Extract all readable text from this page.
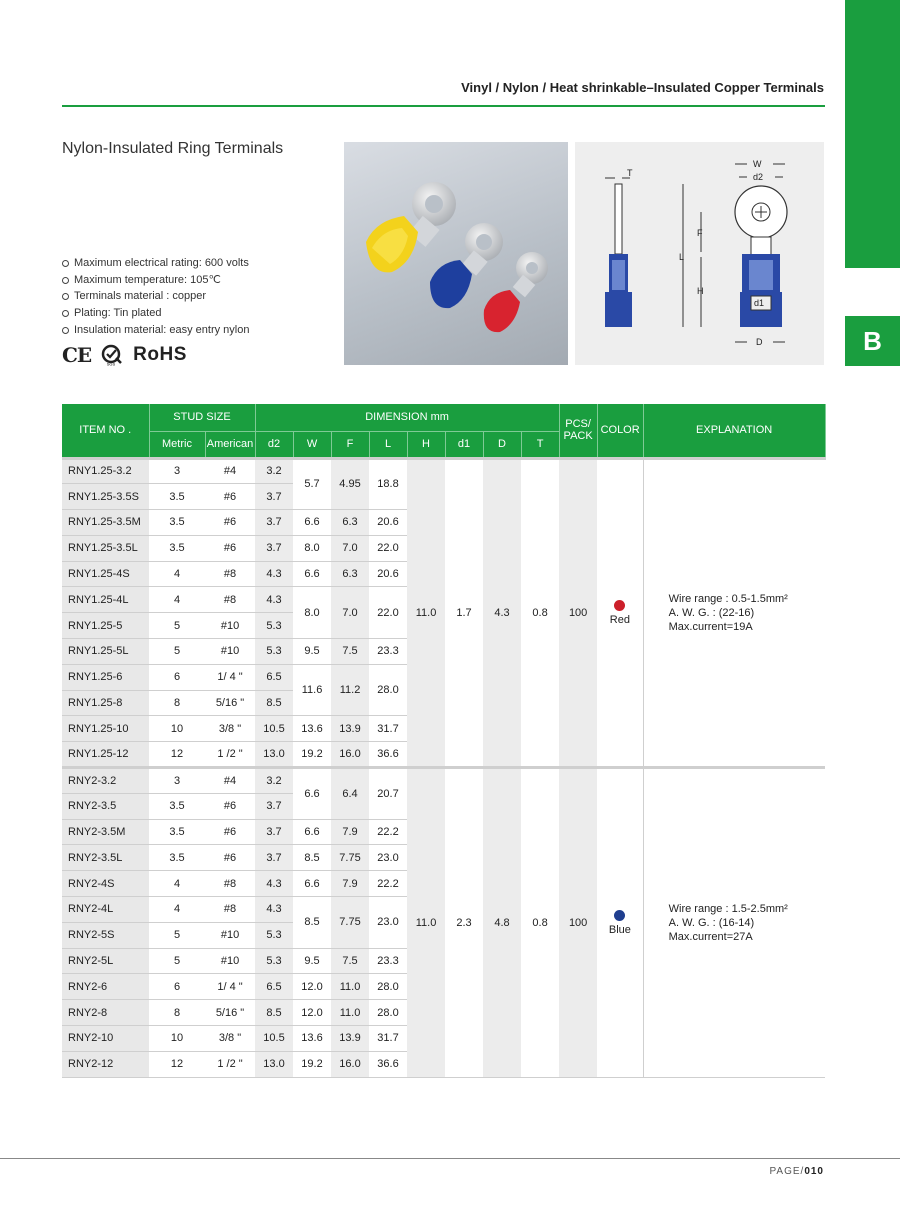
B
Vinyl / Nylon / Heat shrinkable–Insulated Copper Terminals
Nylon-Insulated Ring Terminals
Maximum electrical rating: 600 volts
Maximum temperature: 105℃
Terminals material : copper
Plating: Tin plated
Insulation material: easy entry nylon
CE	SGS RoHS
T
d1
W
d2
L
F
H
D
ITEM NO .	STUD SIZE		DIMENSION mm								PCS/
PACK	COLOR	EXPLANATION
	Metric	American	d2	W	F	L	H	d1	D	T			
RNY1.25-3.2	3	#4	3.2	5.7	4.95	18.8	11.0	1.7	4.3	0.8	100	Red	Wire range : 0.5-1.5mm²
A. W. G. : (22-16)
Max.current=19A

RNY1.25-3.5S	3.5	#6	3.7										
RNY1.25-3.5M	3.5	#6	3.7	6.6	6.3	20.6							
RNY1.25-3.5L	3.5	#6	3.7	8.0	7.0	22.0							
RNY1.25-4S	4	#8	4.3	6.6	6.3	20.6							
RNY1.25-4L	4	#8	4.3	8.0	7.0	22.0							
RNY1.25-5	5	#10	5.3										
RNY1.25-5L	5	#10	5.3	9.5	7.5	23.3							
RNY1.25-6	6	1/ 4 "	6.5	11.6	11.2	28.0							
RNY1.25-8	8	5/16 "	8.5										
RNY1.25-10	10	3/8 "	10.5	13.6	13.9	31.7							
RNY1.25-12	12	1 /2 "	13.0	19.2	16.0	36.6							
RNY2-3.2	3	#4	3.2	6.6	6.4	20.7	11.0	2.3	4.8	0.8	100	Blue	Wire range : 1.5-2.5mm²
A. W. G. : (16-14)
Max.current=27A

RNY2-3.5	3.5	#6	3.7										
RNY2-3.5M	3.5	#6	3.7	6.6	7.9	22.2							
RNY2-3.5L	3.5	#6	3.7	8.5	7.75	23.0							
RNY2-4S	4	#8	4.3	6.6	7.9	22.2							
RNY2-4L	4	#8	4.3	8.5	7.75	23.0							
RNY2-5S	5	#10	5.3										
RNY2-5L	5	#10	5.3	9.5	7.5	23.3							
RNY2-6	6	1/ 4 "	6.5	12.0	11.0	28.0							
RNY2-8	8	5/16 "	8.5	12.0	11.0	28.0							
RNY2-10	10	3/8 "	10.5	13.6	13.9	31.7							
RNY2-12	12	1 /2 "	13.0	19.2	16.0	36.6							
PAGE/010
